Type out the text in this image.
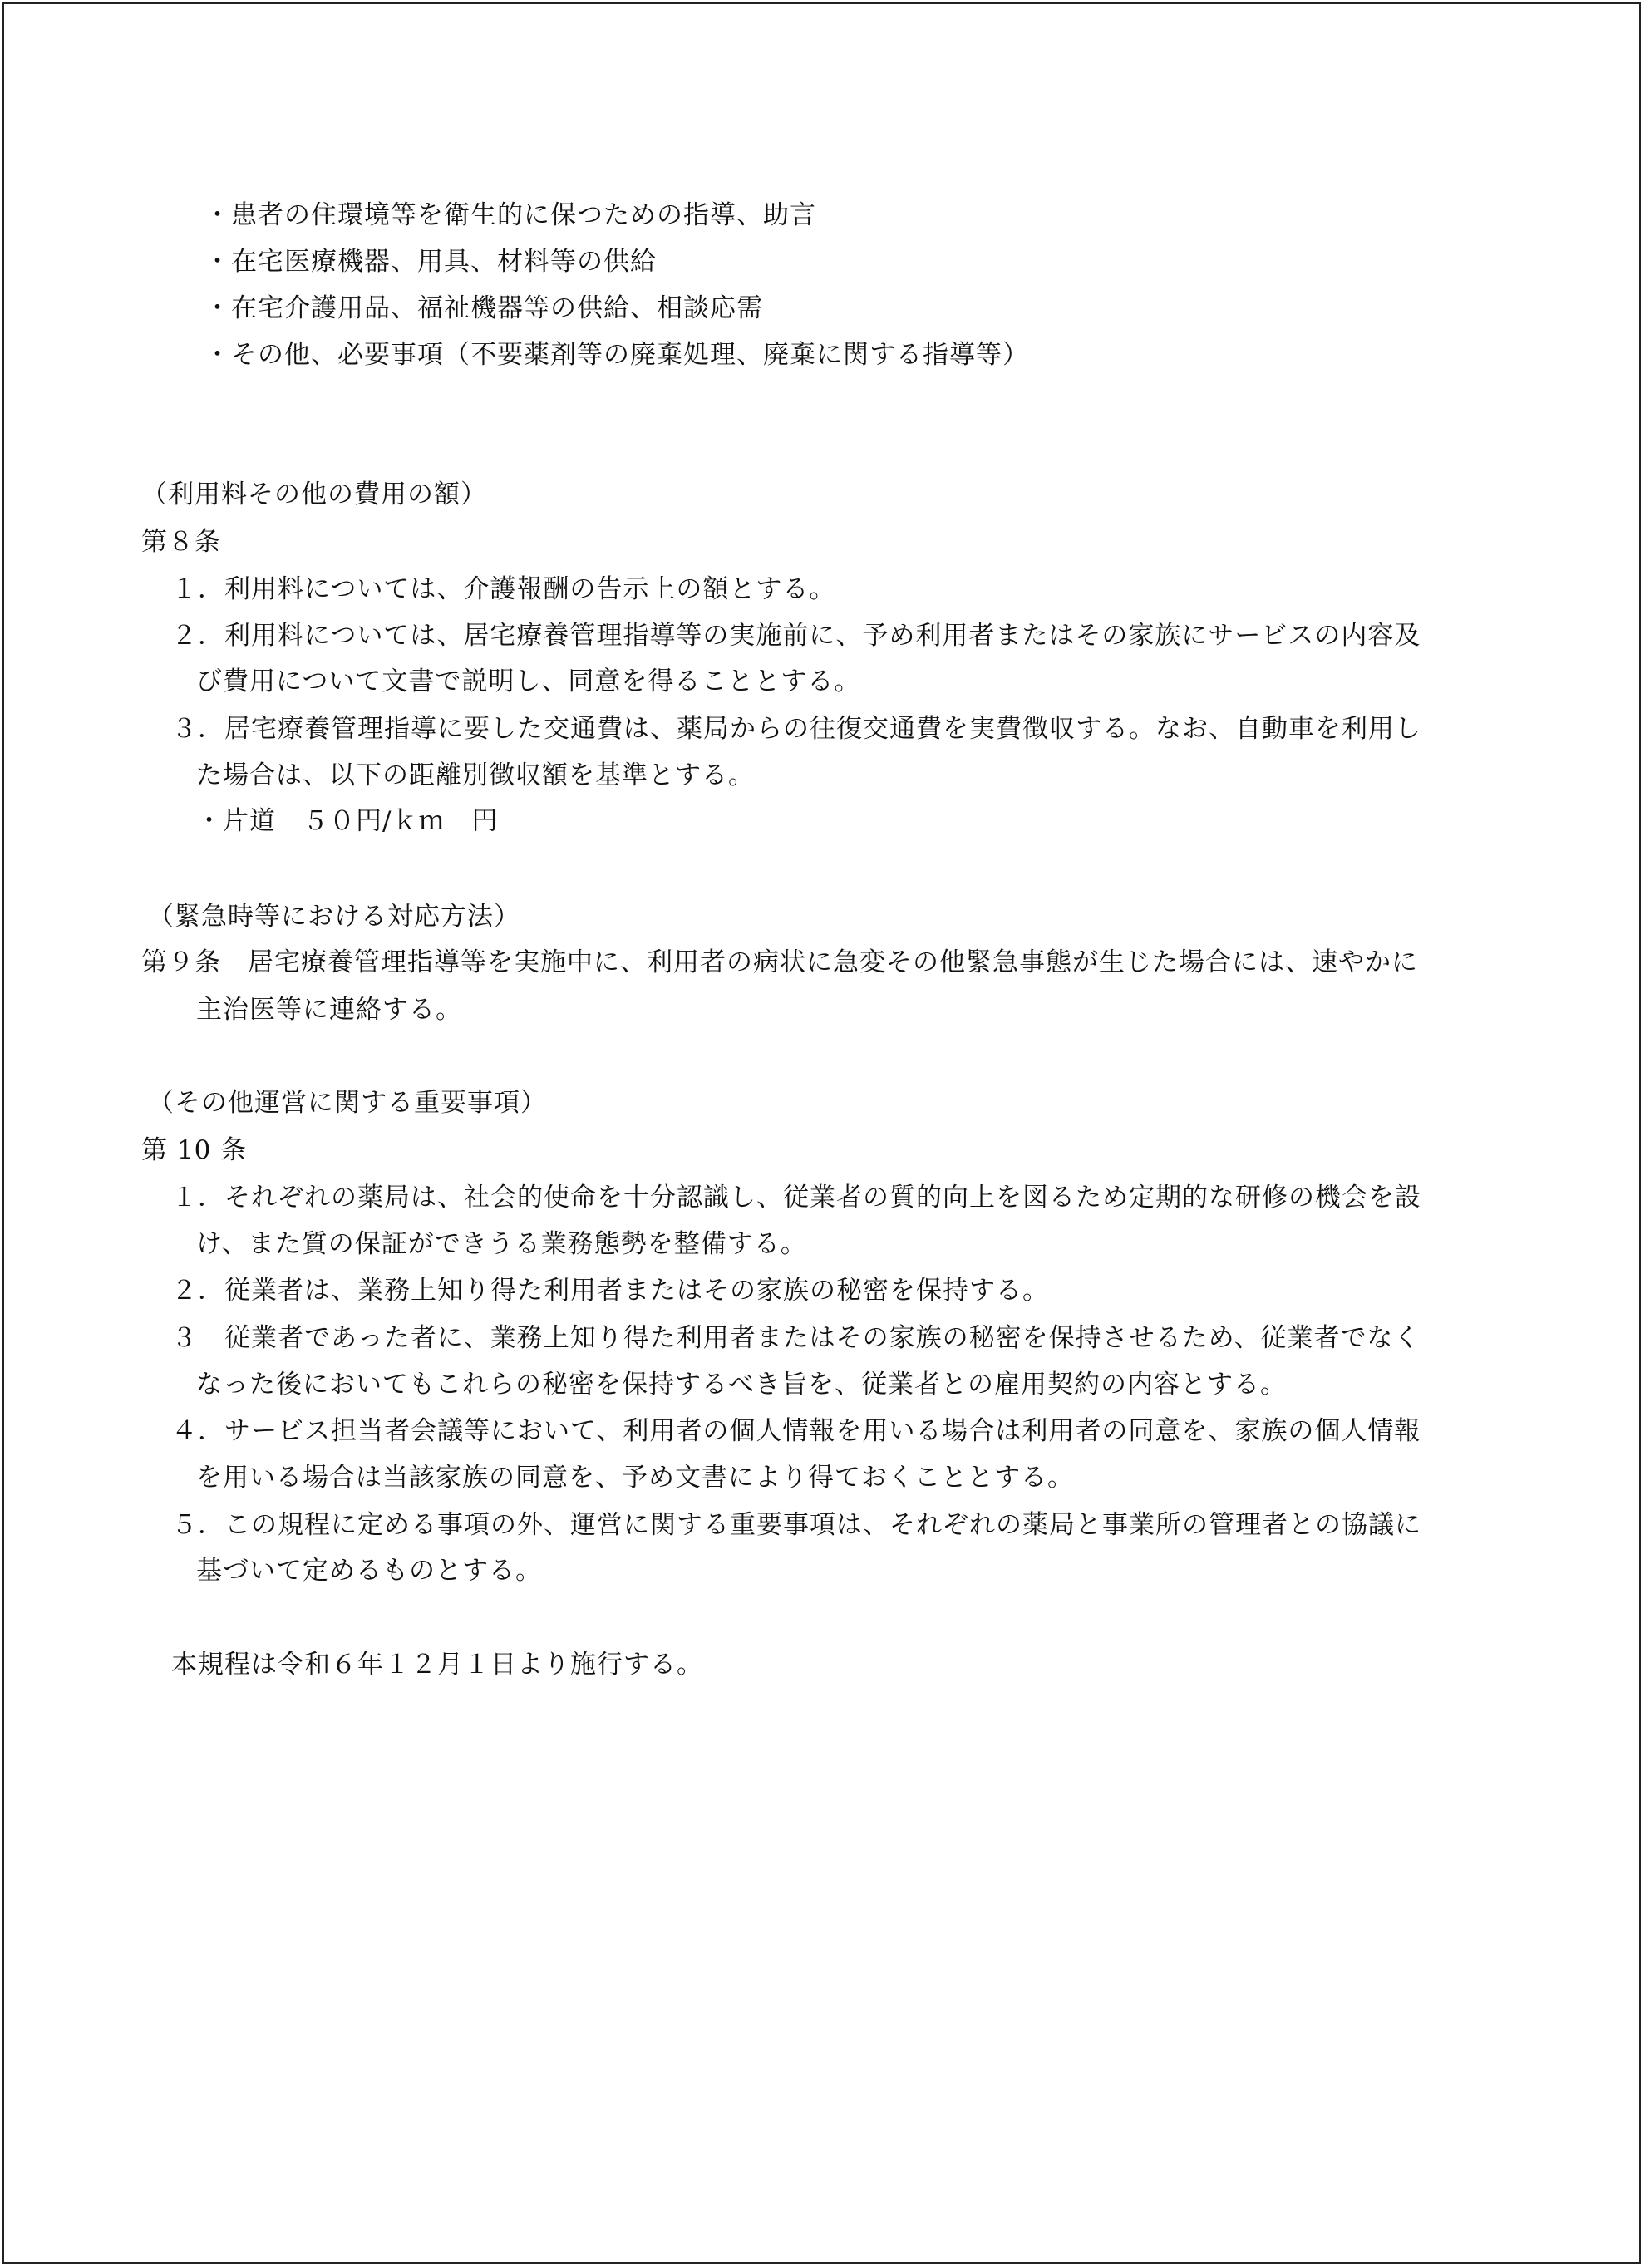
・患者の住環境等を衛生的に保つための指導、助言
・在宅医療機器、用具、材料等の供給
・在宅介護用品、福祉機器等の供給、相談応需
・その他、必要事項（不要薬剤等の廃棄処理、廃棄に関する指導等）
（利用料その他の費用の額）
第８条
１．利用料については、介護報酬の告示上の額とする。
２．利用料については、居宅療養管理指導等の実施前に、予め利用者またはその家族にサービスの内容及
び費用について文書で説明し、同意を得ることとする。
３．居宅療養管理指導に要した交通費は、薬局からの往復交通費を実費徴収する。なお、自動車を利用し
た場合は、以下の距離別徴収額を基準とする。
・片道　５０円/ｋｍ　円
（緊急時等における対応方法）
第９条　居宅療養管理指導等を実施中に、利用者の病状に急変その他緊急事態が生じた場合には、速やかに
主治医等に連絡する。
（その他運営に関する重要事項）
第 10 条
１．それぞれの薬局は、社会的使命を十分認識し、従業者の質的向上を図るため定期的な研修の機会を設
け、また質の保証ができうる業務態勢を整備する。
２．従業者は、業務上知り得た利用者またはその家族の秘密を保持する。
３　従業者であった者に、業務上知り得た利用者またはその家族の秘密を保持させるため、従業者でなく
なった後においてもこれらの秘密を保持するべき旨を、従業者との雇用契約の内容とする。
４．サービス担当者会議等において、利用者の個人情報を用いる場合は利用者の同意を、家族の個人情報
を用いる場合は当該家族の同意を、予め文書により得ておくこととする。
５．この規程に定める事項の外、運営に関する重要事項は、それぞれの薬局と事業所の管理者との協議に
基づいて定めるものとする。
本規程は令和６年１２月１日より施行する。
